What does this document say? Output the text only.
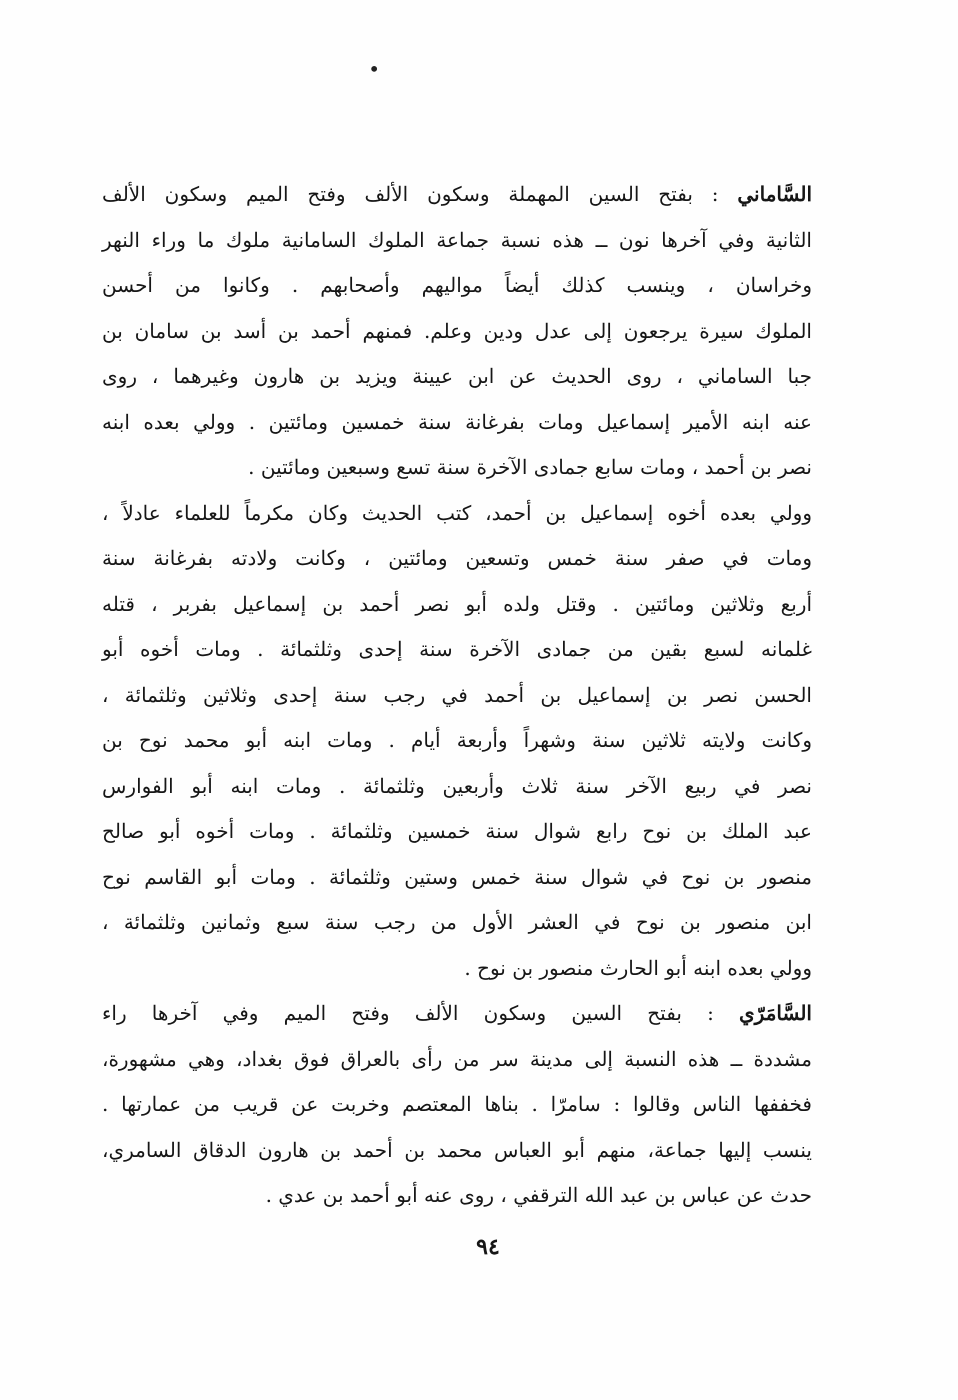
•
السَّاماني : بفتح السين المهملة وسكون الألف وفتح الميم وسكون الألف
الثانية وفي آخرها نون ــ هذه نسبة جماعة الملوك السامانية ملوك ما وراء النهر
وخراسان ، وينسب كذلك أيضاً مواليهم وأصحابهم . وكانوا من أحسن
الملوك سيرة يرجعون إلى عدل ودين وعلم. فمنهم أحمد بن أسد بن سامان بن
جبا الساماني ، روى الحديث عن ابن عيينة ويزيد بن هارون وغيرهما ، روى
عنه ابنه الأمير إسماعيل ومات بفرغانة سنة خمسين ومائتين . وولي بعده ابنه
نصر بن أحمد ، ومات سابع جمادى الآخرة سنة تسع وسبعين ومائتين .
وولي بعده أخوه إسماعيل بن أحمد، كتب الحديث وكان مكرماً للعلماء عادلاً ،
ومات في صفر سنة خمس وتسعين ومائتين ، وكانت ولادته بفرغانة سنة
أربع وثلاثين ومائتين . وقتل ولده أبو نصر أحمد بن إسماعيل بفربر ، قتله
غلمانه لسبع بقين من جمادى الآخرة سنة إحدى وثلثمائة . ومات أخوه أبو
الحسن نصر بن إسماعيل بن أحمد في رجب سنة إحدى وثلاثين وثلثمائة ،
وكانت ولايته ثلاثين سنة وشهراً وأربعة أيام . ومات ابنه أبو محمد نوح بن
نصر في ربيع الآخر سنة ثلاث وأربعين وثلثمائة . ومات ابنه أبو الفوارس
عبد الملك بن نوح رابع شوال سنة خمسين وثلثمائة . ومات أخوه أبو صالح
منصور بن نوح في شوال سنة خمس وستين وثلثمائة . ومات أبو القاسم نوح
ابن منصور بن نوح في العشر الأول من رجب سنة سبع وثمانين وثلثمائة ،
وولي بعده ابنه أبو الحارث منصور بن نوح .
السَّامَرّي : بفتح السين وسكون الألف وفتح الميم وفي آخرها راء
مشددة ــ هذه النسبة إلى مدينة سر من رأى بالعراق فوق بغداد، وهي مشهورة،
فخففها الناس وقالوا : سامرّا . بناها المعتصم وخربت عن قريب من عمارتها .
ينسب إليها جماعة، منهم أبو العباس محمد بن أحمد بن هارون الدقاق السامري،
حدث عن عباس بن عبد الله الترقفي ، روى عنه أبو أحمد بن عدي .
٩٤
